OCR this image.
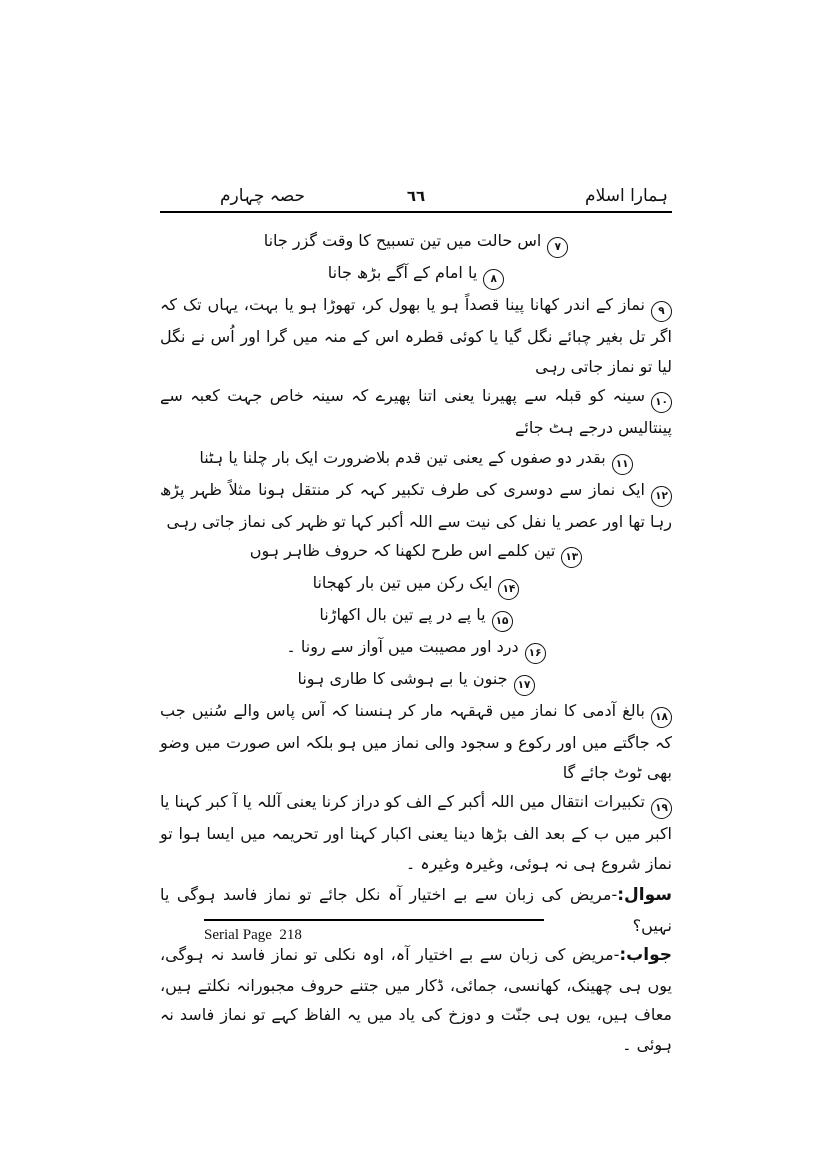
ہمارا اسلام
٦٦
حصہ چہارم

۷اس حالت میں تین تسبیح کا وقت گزر جانا

۸یا امام کے آگے بڑھ جانا

۹نماز کے اندر کھانا پینا قصداً ہو یا بھول کر، تھوڑا ہو یا بہت، یہاں تک کہ اگر تل بغیر چبائے نگل گیا یا کوئی قطرہ اس کے منہ میں گرا اور اُس نے نگل لیا تو نماز جاتی رہی

۱۰سینہ کو قبلہ سے پھیرنا یعنی اتنا پھیرے کہ سینہ خاص جہت کعبہ سے پینتالیس درجے ہٹ جائے

۱۱بقدر دو صفوں کے یعنی تین قدم بلاضرورت ایک بار چلنا یا ہٹنا

۱۲ایک نماز سے دوسری کی طرف تکبیر کہہ کر منتقل ہونا مثلاً ظہر پڑھ رہا تھا اور عصر یا نفل کی نیت سے اللہ أکبر کہا تو ظہر کی نماز جاتی رہی

۱۳تین کلمے اس طرح لکھنا کہ حروف ظاہر ہوں

۱۴ایک رکن میں تین بار کھجانا

۱۵یا پے در پے تین بال اکھاڑنا

۱۶درد اور مصیبت میں آواز سے رونا ۔

۱۷جنون یا بے ہوشی کا طاری ہونا

۱۸بالغ آدمی کا نماز میں قہقہہ مار کر ہنسنا کہ آس پاس والے سُنیں جب کہ جاگتے میں اور رکوع و سجود والی نماز میں ہو بلکہ اس صورت میں وضو بھی ٹوٹ جائے گا

۱۹تکبیرات انتقال میں اللہ أکبر کے الف کو دراز کرنا یعنی آللہ یا آ کبر کہنا یا اکبر میں ب کے بعد الف بڑھا دینا یعنی اکبار کہنا اور تحریمہ میں ایسا ہوا تو نماز شروع ہی نہ ہوئی، وغیرہ وغیرہ ۔

سوال:-مریض کی زبان سے بے اختیار آہ نکل جائے تو نماز فاسد ہوگی یا نہیں؟

جواب:-مریض کی زبان سے بے اختیار آہ، اوہ نکلی تو نماز فاسد نہ ہوگی، یوں ہی چھینک، کھانسی، جمائی، ڈکار میں جتنے حروف مجبورانہ نکلتے ہیں، معاف ہیں، یوں ہی جنّت و دوزخ کی یاد میں یہ الفاظ کہے تو نماز فاسد نہ ہوئی ۔

Serial Page  218
